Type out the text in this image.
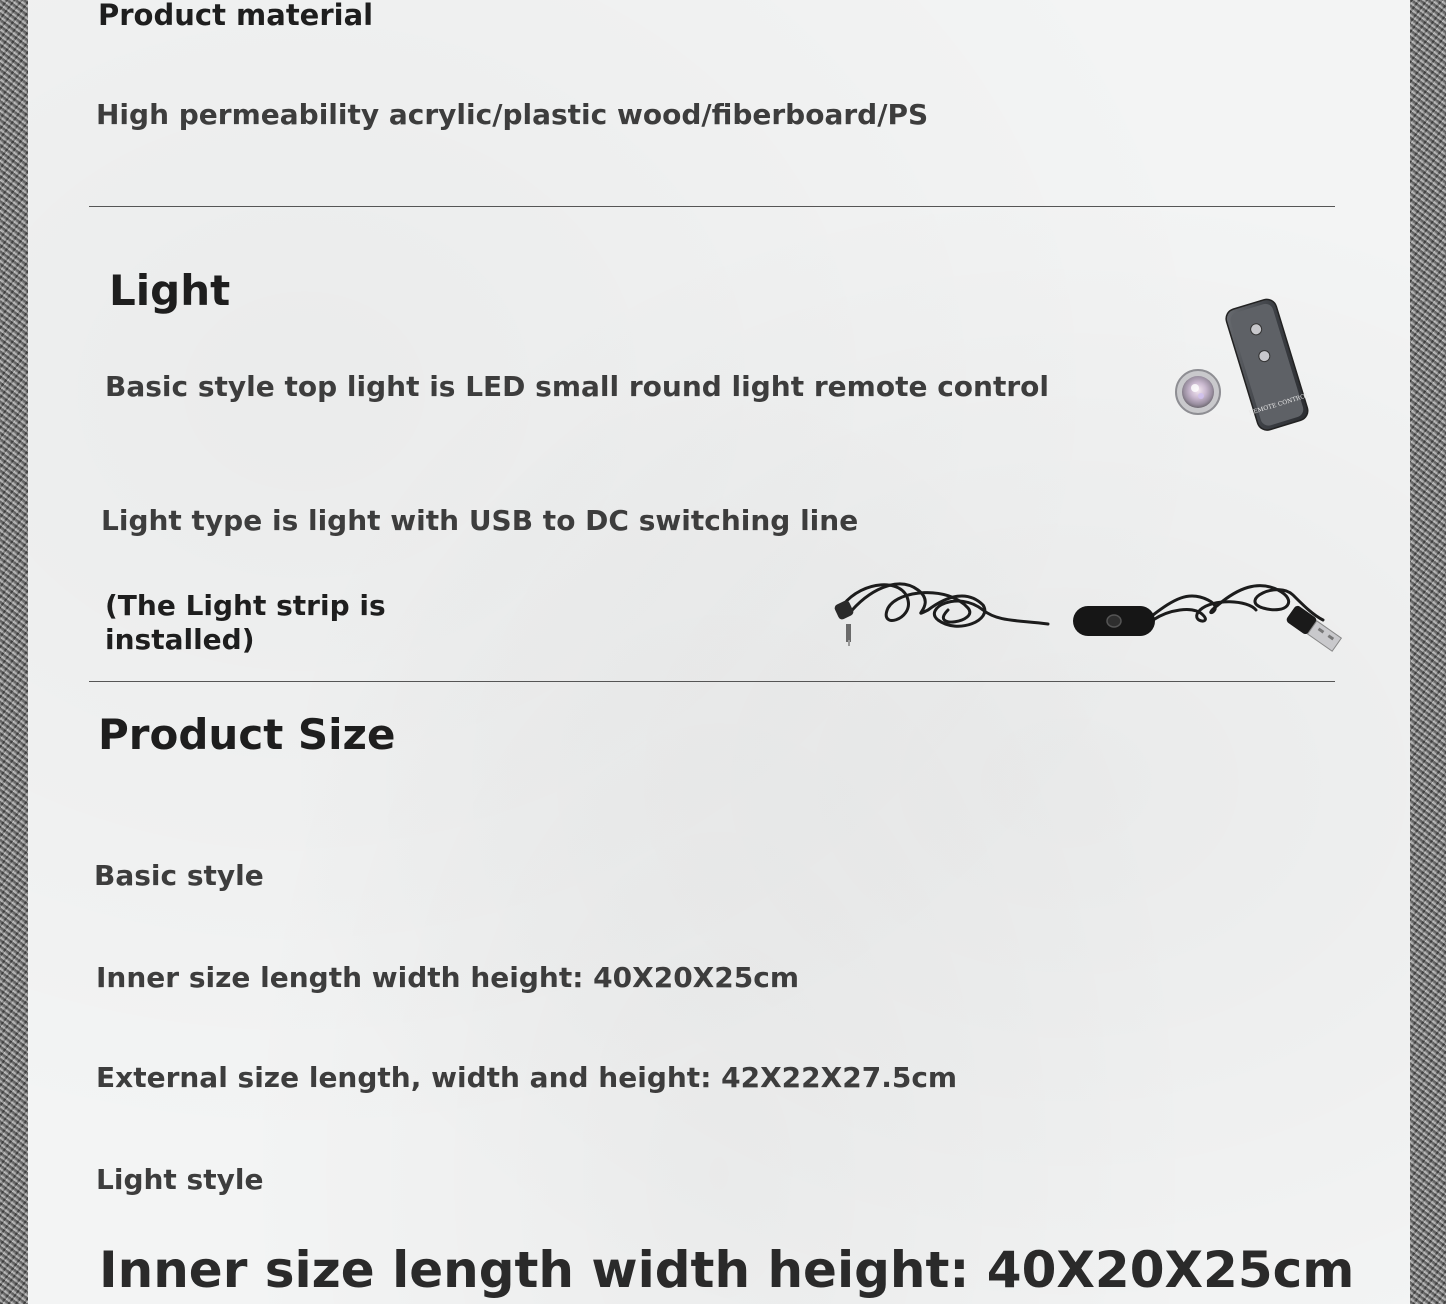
Product material

High permeability acrylic/plastic wood/fiberboard/PS

Light

Basic style top light is LED small round light remote control

REMOTE CONTROL

Light type is light with USB to DC switching line

(The Light strip is

installed)

Product Size

Basic style

Inner size length width height: 40X20X25cm

External size length, width and height: 42X22X27.5cm

Light style

Inner size length width height: 40X20X25cm
